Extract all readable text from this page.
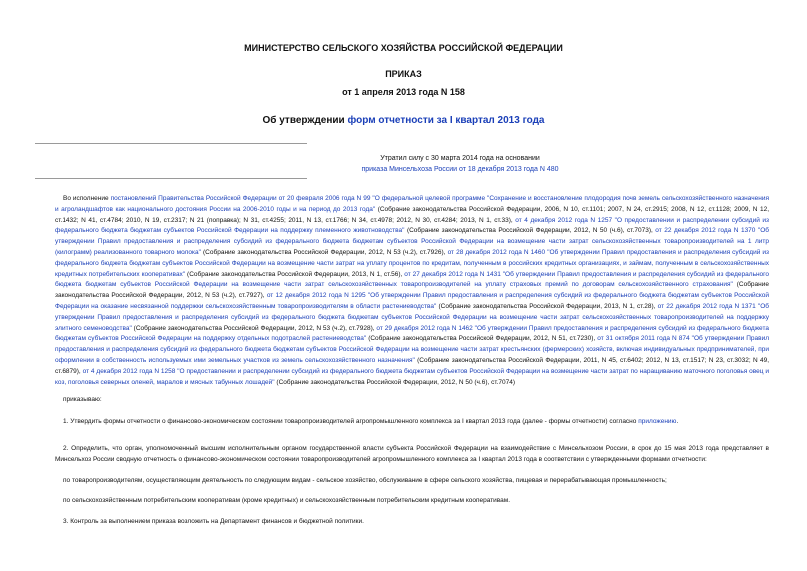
МИНИСТЕРСТВО СЕЛЬСКОГО ХОЗЯЙСТВА РОССИЙСКОЙ ФЕДЕРАЦИИ
ПРИКАЗ
от 1 апреля 2013 года N 158
Об утверждении форм отчетности за I квартал 2013 года
Утратил силу с 30 марта 2014 года на основании
приказа Минсельхоза России от 18 декабря 2013 года N 480

Во исполнение постановлений Правительства Российской Федерации от 20 февраля 2006 года N 99 "О федеральной целевой программе "Сохранение и восстановление плодородия почв земель сельскохозяйственного назначения и агроландшафтов как национального достояния России на 2006-2010 годы и на период до 2013 года" (Собрание законодательства Российской Федерации, 2006, N 10, ст.1101; 2007, N 24, ст.2915; 2008, N 12, ст.1128; 2009, N 12, ст.1432; N 41, ст.4784; 2010, N 19, ст.2317; N 21 (поправка); N 31, ст.4255; 2011, N 13, ст.1766; N 34, ст.4978; 2012, N 30, ст.4284; 2013, N 1, ст.33), от 4 декабря 2012 года N 1257 "О предоставлении и распределении субсидий из федерального бюджета бюджетам субъектов Российской Федерации на поддержку племенного животноводства" (Собрание законодательства Российской Федерации, 2012, N 50 (ч.6), ст.7073), от 22 декабря 2012 года N 1370 "Об утверждении Правил предоставления и распределения субсидий из федерального бюджета бюджетам субъектов Российской Федерации на возмещение части затрат сельскохозяйственных товаропроизводителей на 1 литр (килограмм) реализованного товарного молока" (Собрание законодательства Российской Федерации, 2012, N 53 (ч.2), ст.7926), от 28 декабря 2012 года N 1460 "Об утверждении Правил предоставления и распределения субсидий из федерального бюджета бюджетам субъектов Российской Федерации на возмещение части затрат на уплату процентов по кредитам, полученным в российских кредитных организациях, и займам, полученным в сельскохозяйственных кредитных потребительских кооперативах" (Собрание законодательства Российской Федерации, 2013, N 1, ст.56), от 27 декабря 2012 года N 1431 "Об утверждении Правил предоставления и распределения субсидий из федерального бюджета бюджетам субъектов Российской Федерации на возмещение части затрат сельскохозяйственных товаропроизводителей на уплату страховых премий по договорам сельскохозяйственного страхования" (Собрание законодательства Российской Федерации, 2012, N 53 (ч.2), ст.7927), от 12 декабря 2012 года N 1295 "Об утверждении Правил предоставления и распределения субсидий из федерального бюджета бюджетам субъектов Российской Федерации на оказание несвязанной поддержки сельскохозяйственным товаропроизводителям в области растениеводства" (Собрание законодательства Российской Федерации, 2013, N 1, ст.28), от 22 декабря 2012 года N 1371 "Об утверждении Правил предоставления и распределения субсидий из федерального бюджета бюджетам субъектов Российской Федерации на возмещение части затрат сельскохозяйственных товаропроизводителей на поддержку элитного семеноводства" (Собрание законодательства Российской Федерации, 2012, N 53 (ч.2), ст.7928), от 29 декабря 2012 года N 1462 "Об утверждении Правил предоставления и распределения субсидий из федерального бюджета бюджетам субъектов Российской Федерации на поддержку отдельных подотраслей растениеводства" (Собрание законодательства Российской Федерации, 2012, N 51, ст.7230), от 31 октября 2011 года N 874 "Об утверждении Правил предоставления и распределения субсидий из федерального бюджета бюджетам субъектов Российской Федерации на возмещение части затрат крестьянских (фермерских) хозяйств, включая индивидуальных предпринимателей, при оформлении в собственность используемых ими земельных участков из земель сельскохозяйственного назначения" (Собрание законодательства Российской Федерации, 2011, N 45, ст.6402; 2012, N 13, ст.1517; N 23, ст.3032; N 49, ст.6879), от 4 декабря 2012 года N 1258 "О предоставлении и распределении субсидий из федерального бюджета бюджетам субъектов Российской Федерации на возмещение части затрат по наращиванию маточного поголовья овец и коз, поголовья северных оленей, маралов и мясных табунных лошадей" (Собрание законодательства Российской Федерации, 2012, N 50 (ч.6), ст.7074)

приказываю:

1. Утвердить формы отчетности о финансово-экономическом состоянии товаропроизводителей агропромышленного комплекса за I квартал 2013 года (далее - формы отчетности) согласно приложению.

2. Определить, что орган, уполномоченный высшим исполнительным органом государственной власти субъекта Российской Федерации на взаимодействие с Минсельхозом России, в срок до 15 мая 2013 года представляет в Минсельхоз России сводную отчетность о финансово-экономическом состоянии товаропроизводителей агропромышленного комплекса за I квартал 2013 года в соответствии с утвержденными формами отчетности:

по товаропроизводителям, осуществляющим деятельность по следующим видам - сельское хозяйство, обслуживание в сфере сельского хозяйства, пищевая и перерабатывающая промышленность;

по сельскохозяйственным потребительским кооперативам (кроме кредитных) и сельскохозяйственным потребительским кредитным кооперативам.

3. Контроль за выполнением приказа возложить на Департамент финансов и бюджетной политики.
